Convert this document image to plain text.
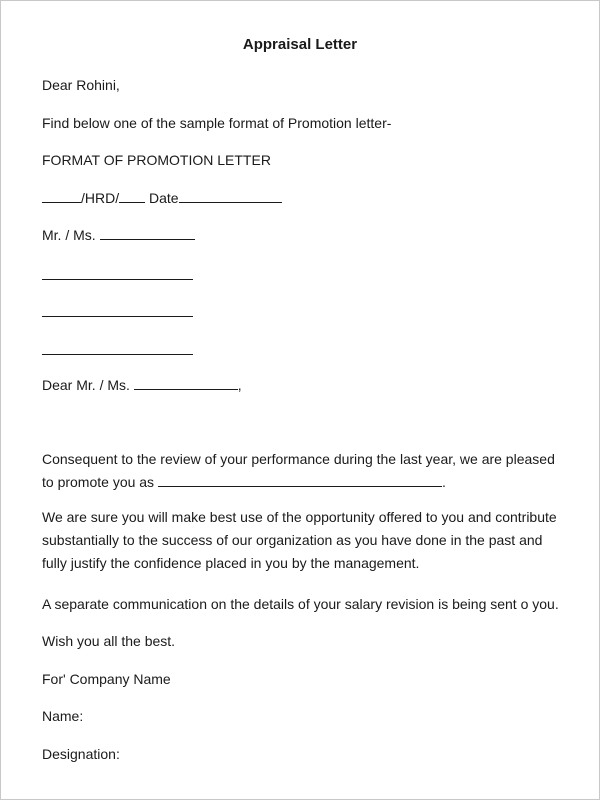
Appraisal Letter
Dear Rohini,
Find below one of the sample format of Promotion letter-
FORMAT OF PROMOTION LETTER
/HRD/ Date
Mr. / Ms.
Dear Mr. / Ms.	,
Consequent to the review of your performance during the last year, we are pleased
to promote you as	.
We are sure you will make best use of the opportunity offered to you and contribute
substantially to the success of our organization as you have done in the past and
fully justify the confidence placed in you by the management.
A separate communication on the details of your salary revision is being sent o you.
Wish you all the best.
For' Company Name
Name:
Designation:
